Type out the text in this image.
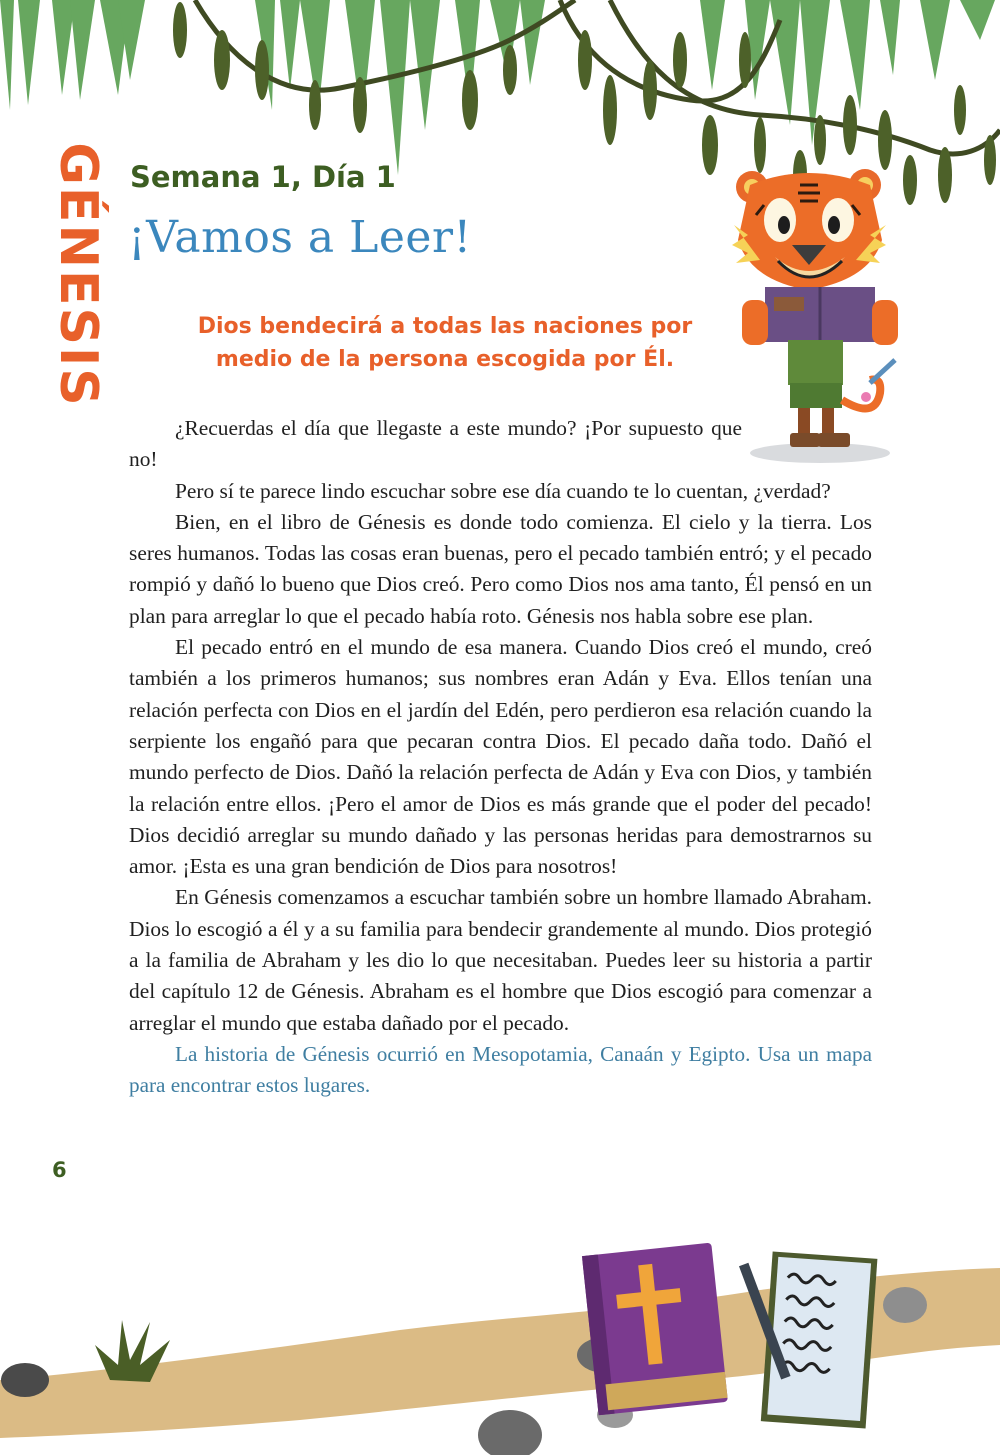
GÉNESIS Semana 1, Día 1
¡Vamos a Leer!

Dios bendecirá a todas las naciones por
medio de la persona escogida por Él.

¿Recuerdas el día que llegaste a este mundo? ¡Por supuesto que no!

Pero sí te parece lindo escuchar sobre ese día cuando te lo cuentan, ¿verdad?

Bien, en el libro de Génesis es donde todo comienza. El cielo y la tierra. Los seres humanos. Todas las cosas eran buenas, pero el pecado también entró; y el pecado rompió y dañó lo bueno que Dios creó. Pero como Dios nos ama tanto, Él pensó en un plan para arreglar lo que el pecado había roto. Génesis nos habla sobre ese plan.

El pecado entró en el mundo de esa manera. Cuando Dios creó el mundo, creó también a los primeros humanos; sus nombres eran Adán y Eva. Ellos tenían una relación perfecta con Dios en el jardín del Edén, pero perdieron esa relación cuando la serpiente los engañó para que pecaran contra Dios. El pecado daña todo. Dañó el mundo perfecto de Dios. Dañó la relación perfecta de Adán y Eva con Dios, y también la relación entre ellos. ¡Pero el amor de Dios es más grande que el poder del pecado! Dios decidió arreglar su mundo dañado y las personas heridas para demostrarnos su amor. ¡Esta es una gran bendición de Dios para nosotros!

En Génesis comenzamos a escuchar también sobre un hombre llamado Abraham. Dios lo escogió a él y a su familia para bendecir grandemente al mundo. Dios protegió a la familia de Abraham y les dio lo que necesitaban. Puedes leer su historia a partir del capítulo 12 de Génesis. Abraham es el hombre que Dios escogió para comenzar a arreglar el mundo que estaba dañado por el pecado.

La historia de Génesis ocurrió en Mesopotamia, Canaán y Egipto. Usa un mapa para encontrar estos lugares.

6
